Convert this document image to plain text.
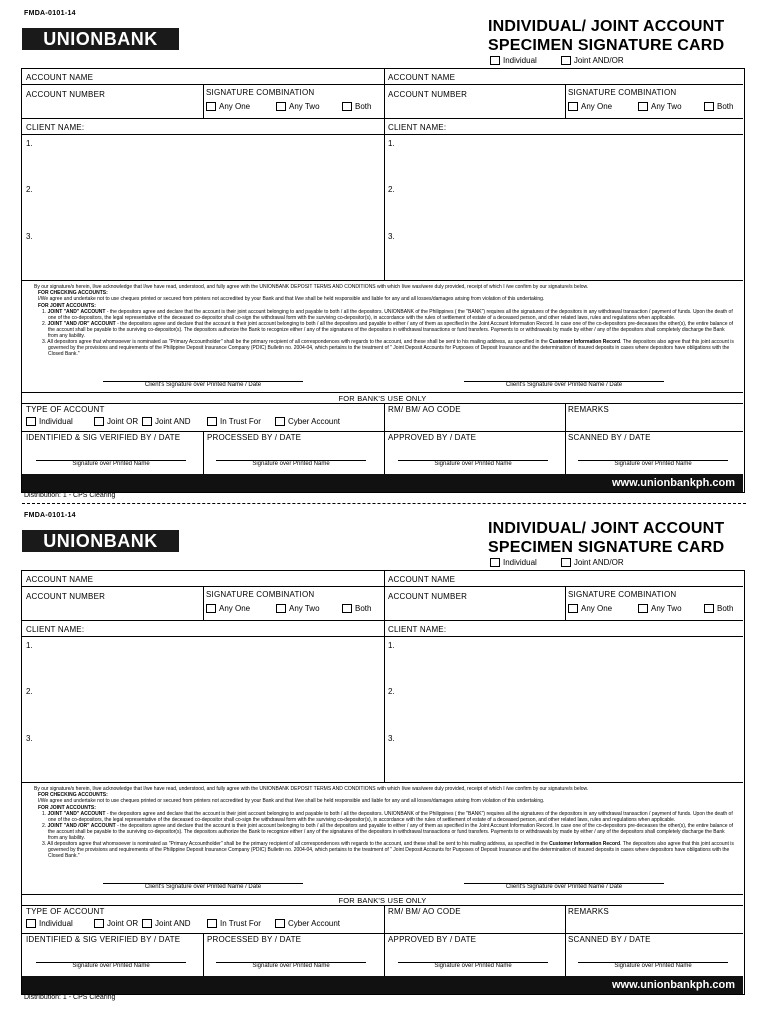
FMDA-0101-14
UNIONBANK
INDIVIDUAL/ JOINT ACCOUNT
SPECIMEN SIGNATURE CARD
Individual	Joint AND/OR
ACCOUNT NAME
ACCOUNT NUMBER	SIGNATURE COMBINATION
Any One	Any Two	Both
CLIENT NAME:
1.
2.
3.
ACCOUNT NAME
ACCOUNT NUMBER	SIGNATURE COMBINATION
Any One	Any Two	Both
CLIENT NAME:
1.
2.
3.
By our signature/s herein, I/we acknowledge that I/we have read, understood, and fully agree with the UNIONBANK DEPOSIT TERMS AND CONDITIONS with which I/we was/were duly provided, receipt of which I /we confirm by our signature/s below.
FOR CHECKING ACCOUNTS:
I/We agree and undertake not to use cheques printed or secured from printers not accredited by your Bank and that I/we shall be held responsible and liable for any and all losses/damages arising from violation of this undertaking.
FOR JOINT ACCOUNTS:
1. JOINT "AND" ACCOUNT - the depositors agree and declare that the account is their joint account belonging to and payable to both / all the depositors. UNIONBANK of the Philippines ( the "BANK") requires all the signatures of the depositors in any withdrawal transaction / payment of funds. Upon the death of one of the co-depositors, the legal representative of the deceased co-depositor shall co-sign the withdrawal form with the surviving co-depositor(s), in accordance with the rules of settlement of estate of a deceased person, and other related laws, rules and regulations when applicable.
2. JOINT "AND /OR" ACCOUNT - the depositors agree and declare that the account is their joint account belonging to both / all the depositors and payable to either / any of them as specified in the Joint Account Information Record. In case one of the co-depositors pre-deceases the other(s), the entire balance of the account shall be payable to the surviving co-depositor(s). The depositors authorize the Bank to recognize either / any of the signatures of the depositors in withdrawal transactions or fund transfers. Payments to or withdrawals by made by either / any of the depositors shall completely discharge the Bank from any liability.
3. All depositors agree that whomsoever is nominated as "Primary Accountholder" shall be the primary recipient of all correspondences with regards to the account, and these shall be sent to his mailing address, as specified in the Customer Information Record. The depositors also agree that this joint account is governed by the provisions and requirements of the Philippine Deposit Insurance Company (PDIC) Bulletin no. 2004-04, which pertains to the treatment of " Joint Deposit Accounts for Purposes of Deposit Insurance and the determination of insured deposits in cases where depositors have obligations with the Closed Bank."
Client's Signature over Printed Name / Date	Client's Signature over Printed Name / Date
FOR BANK'S USE ONLY
TYPE OF ACCOUNT
Individual	Joint OR Joint AND	In Trust For	Cyber Account
RM/ BM/ AO CODE	REMARKS
IDENTIFIED & SIG VERIFIED BY / DATE	PROCESSED BY / DATE	APPROVED BY / DATE	SCANNED BY / DATE
Signature over Printed Name	Signature over Printed Name	Signature over Printed Name	Signature over Printed Name
www.unionbankph.com
Distribution: 1 - CPS Clearing
FMDA-0101-14
UNIONBANK
INDIVIDUAL/ JOINT ACCOUNT
SPECIMEN SIGNATURE CARD
Individual	Joint AND/OR
ACCOUNT NAME
ACCOUNT NUMBER	SIGNATURE COMBINATION
Any One	Any Two	Both
CLIENT NAME:
1.
2.
3.
ACCOUNT NAME
ACCOUNT NUMBER	SIGNATURE COMBINATION
Any One	Any Two	Both
CLIENT NAME:
1.
2.
3.
By our signature/s herein, I/we acknowledge that I/we have read, understood, and fully agree with the UNIONBANK DEPOSIT TERMS AND CONDITIONS with which I/we was/were duly provided, receipt of which I /we confirm by our signature/s below.
FOR CHECKING ACCOUNTS:
I/We agree and undertake not to use cheques printed or secured from printers not accredited by your Bank and that I/we shall be held responsible and liable for any and all losses/damages arising from violation of this undertaking.
FOR JOINT ACCOUNTS:
1. JOINT "AND" ACCOUNT - the depositors agree and declare that the account is their joint account belonging to and payable to both / all the depositors. UNIONBANK of the Philippines ( the "BANK") requires all the signatures of the depositors in any withdrawal transaction / payment of funds. Upon the death of one of the co-depositors, the legal representative of the deceased co-depositor shall co-sign the withdrawal form with the surviving co-depositor(s), in accordance with the rules of settlement of estate of a deceased person, and other related laws, rules and regulations when applicable.
2. JOINT "AND /OR" ACCOUNT - the depositors agree and declare that the account is their joint account belonging to both / all the depositors and payable to either / any of them as specified in the Joint Account Information Record. In case one of the co-depositors pre-deceases the other(s), the entire balance of the account shall be payable to the surviving co-depositor(s). The depositors authorize the Bank to recognize either / any of the signatures of the depositors in withdrawal transactions or fund transfers. Payments to or withdrawals by made by either / any of the depositors shall completely discharge the Bank from any liability.
3. All depositors agree that whomsoever is nominated as "Primary Accountholder" shall be the primary recipient of all correspondences with regards to the account, and these shall be sent to his mailing address, as specified in the Customer Information Record. The depositors also agree that this joint account is governed by the provisions and requirements of the Philippine Deposit Insurance Company (PDIC) Bulletin no. 2004-04, which pertains to the treatment of " Joint Deposit Accounts for Purposes of Deposit Insurance and the determination of insured deposits in cases where depositors have obligations with the Closed Bank."
Client's Signature over Printed Name / Date	Client's Signature over Printed Name / Date
FOR BANK'S USE ONLY
TYPE OF ACCOUNT
Individual	Joint OR Joint AND	In Trust For	Cyber Account
RM/ BM/ AO CODE	REMARKS
IDENTIFIED & SIG VERIFIED BY / DATE	PROCESSED BY / DATE	APPROVED BY / DATE	SCANNED BY / DATE
Signature over Printed Name	Signature over Printed Name	Signature over Printed Name	Signature over Printed Name
www.unionbankph.com
Distribution: 1 - CPS Clearing
